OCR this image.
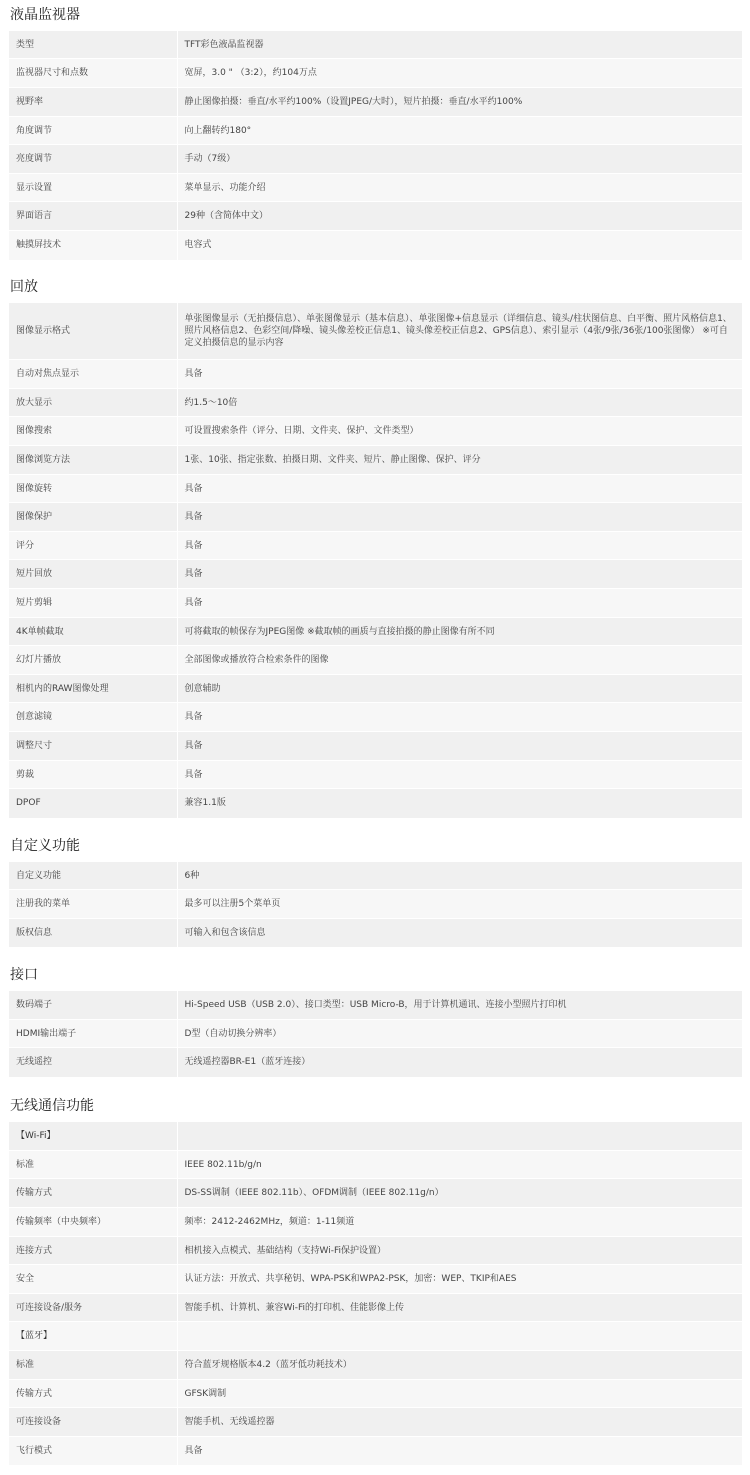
液晶监视器
类型	TFT彩色液晶监视器
监视器尺寸和点数	宽屏，3.0 " （3:2），约104万点
视野率	静止图像拍摄：垂直/水平约100%（设置JPEG/大时），短片拍摄：垂直/水平约100%
角度调节	向上翻转约180°
亮度调节	手动（7级）
显示设置	菜单显示、功能介绍
界面语言	29种（含简体中文）
触摸屏技术	电容式
回放
图像显示格式	单张图像显示（无拍摄信息）、单张图像显示（基本信息）、单张图像+信息显示（详细信息、镜头/柱状图信息、白平衡、照片风格信息1、照片风格信息2、色彩空间/降噪、镜头像差校正信息1、镜头像差校正信息2、GPS信息）、索引显示（4张/9张/36张/100张图像） ※可自定义拍摄信息的显示内容
自动对焦点显示	具备
放大显示	约1.5〜10倍
图像搜索	可设置搜索条件（评分、日期、文件夹、保护、文件类型）
图像浏览方法	1张、10张、指定张数、拍摄日期、文件夹、短片、静止图像、保护、评分
图像旋转	具备
图像保护	具备
评分	具备
短片回放	具备
短片剪辑	具备
4K单帧截取	可将截取的帧保存为JPEG图像 ※截取帧的画质与直接拍摄的静止图像有所不同
幻灯片播放	全部图像或播放符合检索条件的图像
相机内的RAW图像处理	创意辅助
创意滤镜	具备
调整尺寸	具备
剪裁	具备
DPOF	兼容1.1版
自定义功能
自定义功能	6种
注册我的菜单	最多可以注册5个菜单页
版权信息	可输入和包含该信息
接口
数码端子	Hi-Speed USB（USB 2.0）、接口类型：USB Micro-B，用于计算机通讯、连接小型照片打印机
HDMI输出端子	D型（自动切换分辨率）
无线遥控	无线遥控器BR-E1（蓝牙连接）
无线通信功能
【Wi-Fi】	
标准	IEEE 802.11b/g/n
传输方式	DS-SS调制（IEEE 802.11b）、OFDM调制（IEEE 802.11g/n）
传输频率（中央频率）	频率：2412-2462MHz，频道：1-11频道
连接方式	相机接入点模式、基础结构（支持Wi-Fi保护设置）
安全	认证方法：开放式、共享秘钥、WPA-PSK和WPA2-PSK，加密：WEP、TKIP和AES
可连接设备/服务	智能手机、计算机、兼容Wi-Fi的打印机、佳能影像上传
【蓝牙】	
标准	符合蓝牙规格版本4.2（蓝牙低功耗技术）
传输方式	GFSK调制
可连接设备	智能手机、无线遥控器
飞行模式	具备
